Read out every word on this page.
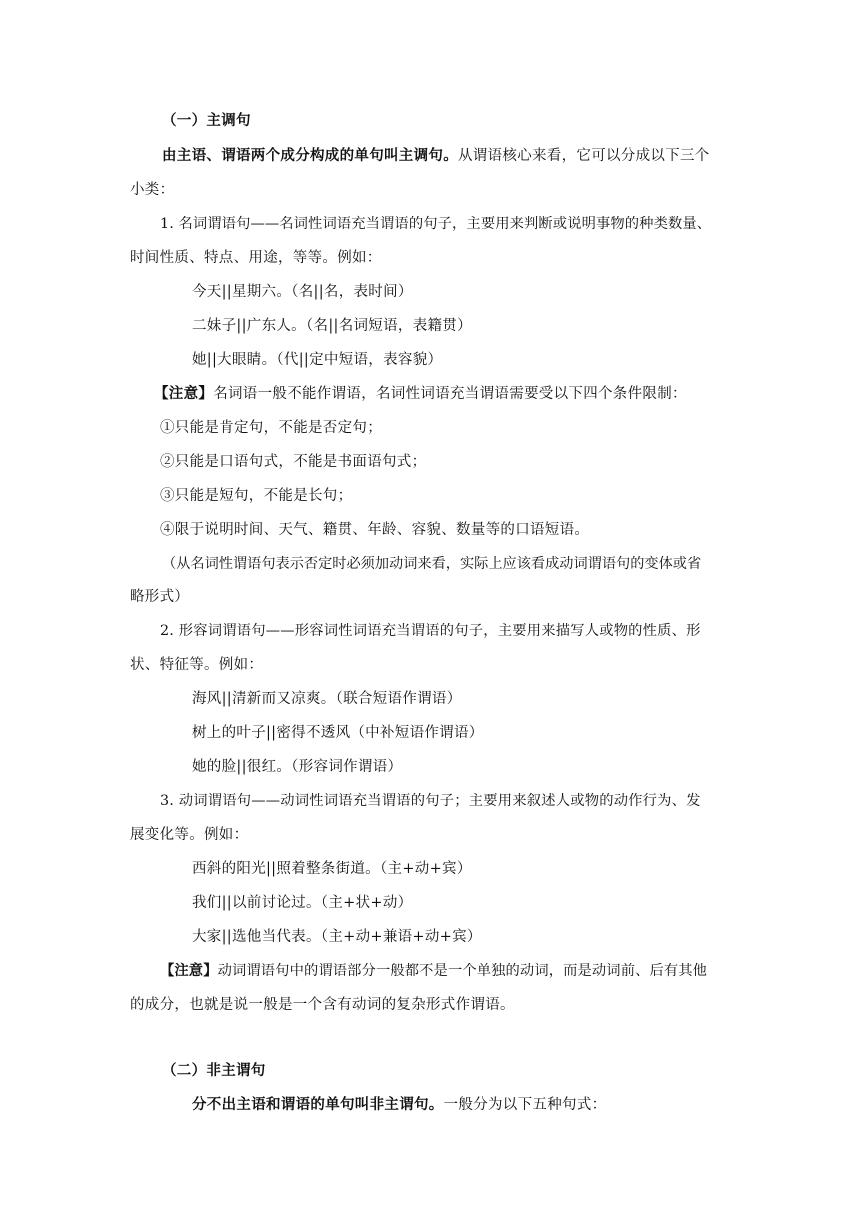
（一）主调句
由主语、谓语两个成分构成的单句叫主调句。从谓语核心来看，它可以分成以下三个
小类：
1. 名词谓语句——名词性词语充当谓语的句子，主要用来判断或说明事物的种类数量、
时间性质、特点、用途，等等。例如：
今天||星期六。（名||名，表时间）
二妹子||广东人。（名||名词短语，表籍贯）
她||大眼睛。（代||定中短语，表容貌）
【注意】名词语一般不能作谓语，名词性词语充当谓语需要受以下四个条件限制：
①只能是肯定句，不能是否定句；
②只能是口语句式，不能是书面语句式；
③只能是短句，不能是长句；
④限于说明时间、天气、籍贯、年龄、容貌、数量等的口语短语。
（从名词性谓语句表示否定时必须加动词来看，实际上应该看成动词谓语句的变体或省
略形式）
2. 形容词谓语句——形容词性词语充当谓语的句子，主要用来描写人或物的性质、形
状、特征等。例如：
海风||清新而又凉爽。（联合短语作谓语）
树上的叶子||密得不透风（中补短语作谓语）
她的脸||很红。（形容词作谓语）
3. 动词谓语句——动词性词语充当谓语的句子；主要用来叙述人或物的动作行为、发
展变化等。例如：
西斜的阳光||照着整条街道。（主+动+宾）
我们||以前讨论过。（主+状+动）
大家||选他当代表。（主+动+兼语+动+宾）
【注意】动词谓语句中的谓语部分一般都不是一个单独的动词，而是动词前、后有其他
的成分，也就是说一般是一个含有动词的复杂形式作谓语。
（二）非主谓句
分不出主语和谓语的单句叫非主谓句。一般分为以下五种句式：
